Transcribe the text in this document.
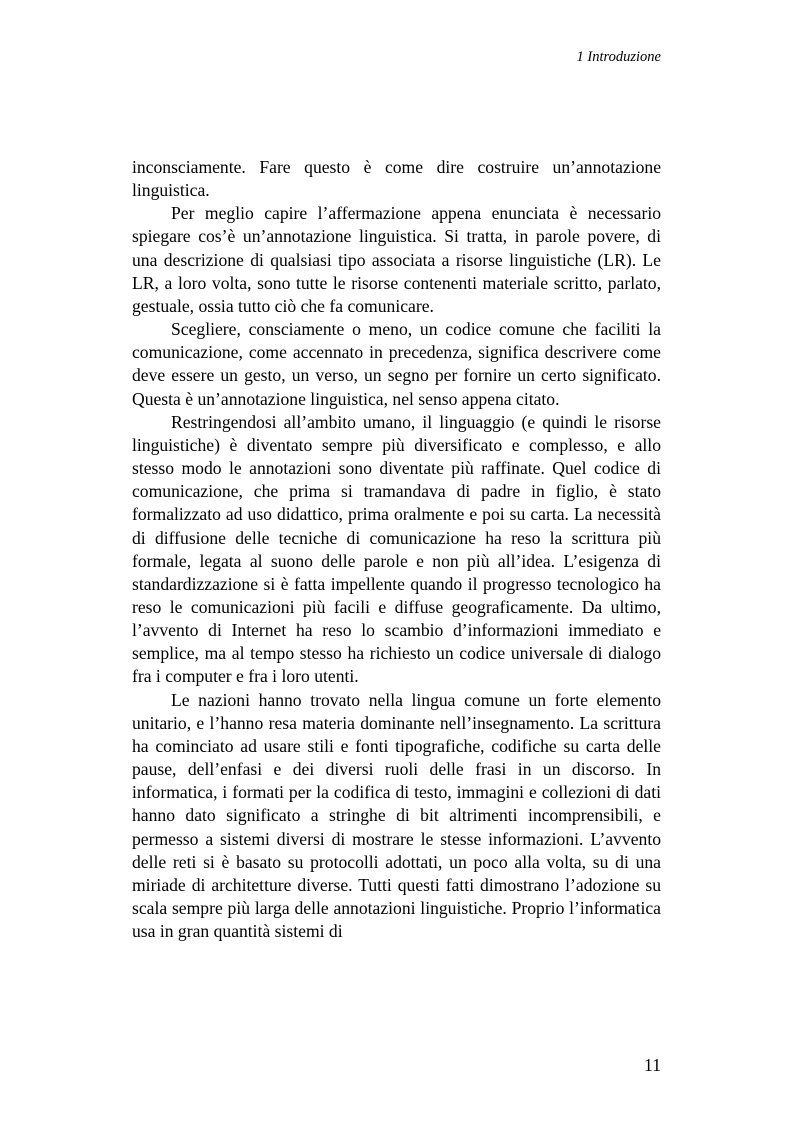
1 Introduzione

inconsciamente. Fare questo è come dire costruire un’annotazione linguistica.

Per meglio capire l’affermazione appena enunciata è necessario spiegare cos’è un’annotazione linguistica. Si tratta, in parole povere, di una descrizione di qualsiasi tipo associata a risorse linguistiche (LR). Le LR, a loro volta, sono tutte le risorse contenenti materiale scritto, parlato, gestuale, ossia tutto ciò che fa comunicare.

Scegliere, consciamente o meno, un codice comune che faciliti la comunicazione, come accennato in precedenza, significa descrivere come deve essere un gesto, un verso, un segno per fornire un certo significato. Questa è un’annotazione linguistica, nel senso appena citato.

Restringendosi all’ambito umano, il linguaggio (e quindi le risorse linguistiche) è diventato sempre più diversificato e complesso, e allo stesso modo le annotazioni sono diventate più raffinate. Quel codice di comunicazione, che prima si tramandava di padre in figlio, è stato formalizzato ad uso didattico, prima oralmente e poi su carta. La necessità di diffusione delle tecniche di comunicazione ha reso la scrittura più formale, legata al suono delle parole e non più all’idea. L’esigenza di standardizzazione si è fatta impellente quando il progresso tecnologico ha reso le comunicazioni più facili e diffuse geograficamente. Da ultimo, l’avvento di Internet ha reso lo scambio d’informazioni immediato e semplice, ma al tempo stesso ha richiesto un codice universale di dialogo fra i computer e fra i loro utenti.

Le nazioni hanno trovato nella lingua comune un forte elemento unitario, e l’hanno resa materia dominante nell’insegnamento. La scrittura ha cominciato ad usare stili e fonti tipografiche, codifiche su carta delle pause, dell’enfasi e dei diversi ruoli delle frasi in un discorso. In informatica, i formati per la codifica di testo, immagini e collezioni di dati hanno dato significato a stringhe di bit altrimenti incomprensibili, e permesso a sistemi diversi di mostrare le stesse informazioni. L’avvento delle reti si è basato su protocolli adottati, un poco alla volta, su di una miriade di architetture diverse. Tutti questi fatti dimostrano l’adozione su scala sempre più larga delle annotazioni linguistiche. Proprio l’informatica usa in gran quantità sistemi di

11
